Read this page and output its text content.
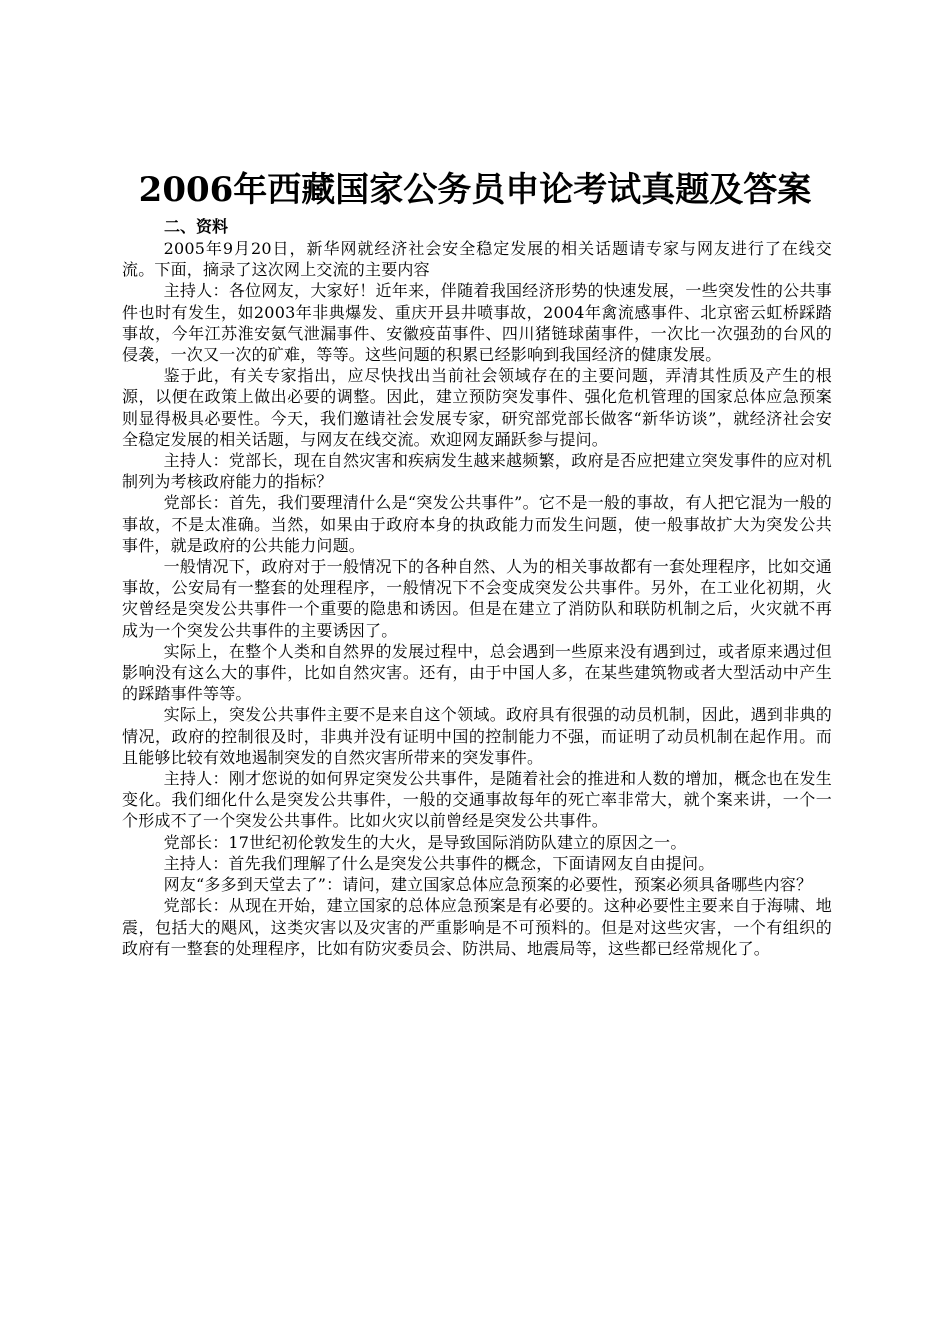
2006年西藏国家公务员申论考试真题及答案
二、资料

2005年9月20日，新华网就经济社会安全稳定发展的相关话题请专家与网友进行了在线交流。下面，摘录了这次网上交流的主要内容

主持人：各位网友，大家好！近年来，伴随着我国经济形势的快速发展，一些突发性的公共事件也时有发生，如2003年非典爆发、重庆开县井喷事故，2004年禽流感事件、北京密云虹桥踩踏事故，今年江苏淮安氨气泄漏事件、安徽疫苗事件、四川猪链球菌事件，一次比一次强劲的台风的侵袭，一次又一次的矿难，等等。这些问题的积累已经影响到我国经济的健康发展。

鉴于此，有关专家指出，应尽快找出当前社会领域存在的主要问题，弄清其性质及产生的根源，以便在政策上做出必要的调整。因此，建立预防突发事件、强化危机管理的国家总体应急预案则显得极具必要性。今天，我们邀请社会发展专家，研究部党部长做客“新华访谈”，就经济社会安全稳定发展的相关话题，与网友在线交流。欢迎网友踊跃参与提问。

主持人：党部长，现在自然灾害和疾病发生越来越频繁，政府是否应把建立突发事件的应对机制列为考核政府能力的指标？

党部长：首先，我们要理清什么是“突发公共事件”。它不是一般的事故，有人把它混为一般的事故，不是太准确。当然，如果由于政府本身的执政能力而发生问题，使一般事故扩大为突发公共事件，就是政府的公共能力问题。

一般情况下，政府对于一般情况下的各种自然、人为的相关事故都有一套处理程序，比如交通事故，公安局有一整套的处理程序，一般情况下不会变成突发公共事件。另外，在工业化初期，火灾曾经是突发公共事件一个重要的隐患和诱因。但是在建立了消防队和联防机制之后，火灾就不再成为一个突发公共事件的主要诱因了。

实际上，在整个人类和自然界的发展过程中，总会遇到一些原来没有遇到过，或者原来遇过但影响没有这么大的事件，比如自然灾害。还有，由于中国人多，在某些建筑物或者大型活动中产生的踩踏事件等等。

实际上，突发公共事件主要不是来自这个领域。政府具有很强的动员机制，因此，遇到非典的情况，政府的控制很及时，非典并没有证明中国的控制能力不强，而证明了动员机制在起作用。而且能够比较有效地遏制突发的自然灾害所带来的突发事件。

主持人：刚才您说的如何界定突发公共事件，是随着社会的推进和人数的增加，概念也在发生变化。我们细化什么是突发公共事件，一般的交通事故每年的死亡率非常大，就个案来讲，一个一个形成不了一个突发公共事件。比如火灾以前曾经是突发公共事件。

党部长：17世纪初伦敦发生的大火，是导致国际消防队建立的原因之一。

主持人：首先我们理解了什么是突发公共事件的概念，下面请网友自由提问。

网友“多多到天堂去了”：请问，建立国家总体应急预案的必要性，预案必须具备哪些内容？

党部长：从现在开始，建立国家的总体应急预案是有必要的。这种必要性主要来自于海啸、地震，包括大的飓风，这类灾害以及灾害的严重影响是不可预料的。但是对这些灾害，一个有组织的政府有一整套的处理程序，比如有防灾委员会、防洪局、地震局等，这些都已经常规化了。
